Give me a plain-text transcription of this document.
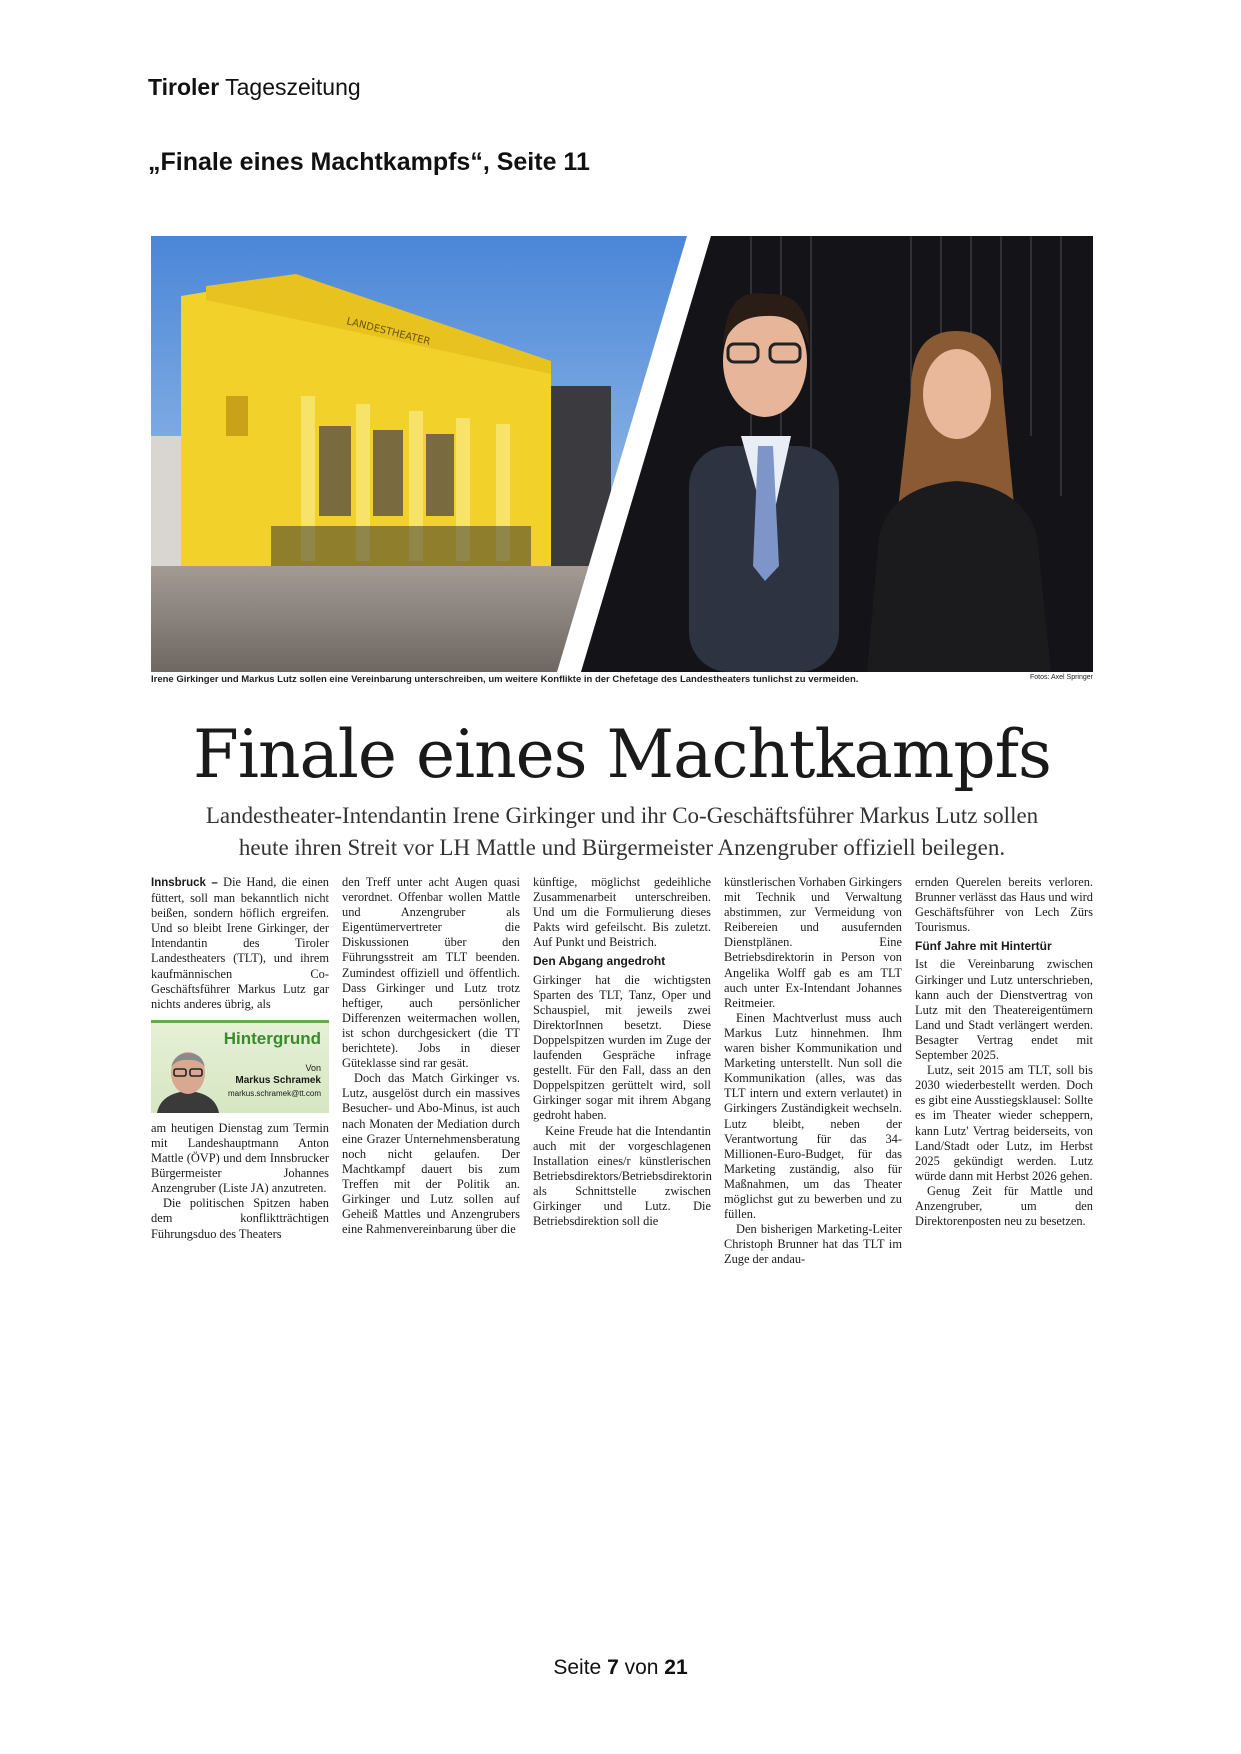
Tiroler Tageszeitung
„Finale eines Machtkampfs“, Seite 11
LANDESTHEATER
Irene Girkinger und Markus Lutz sollen eine Vereinbarung unterschreiben, um weitere Konflikte in der Chefetage des Landestheaters tunlichst zu vermeiden.	Fotos: Axel Springer
Finale eines Machtkampfs
Landestheater-Intendantin Irene Girkinger und ihr Co-Geschäftsführer Markus Lutz sollen
heute ihren Streit vor LH Mattle und Bürgermeister Anzengruber offiziell beilegen.

Innsbruck – Die Hand, die einen füttert, soll man bekanntlich nicht beißen, sondern höflich ergreifen. Und so bleibt Irene Girkinger, der Intendantin des Tiroler Landestheaters (TLT), und ihrem kaufmännischen Co-Geschäftsführer Markus Lutz gar nichts anderes übrig, als

Hintergrund
Von
Markus Schramek
markus.schramek@tt.com

am heutigen Dienstag zum Termin mit Landeshauptmann Anton Mattle (ÖVP) und dem Innsbrucker Bürgermeister Johannes Anzengruber (Liste JA) anzutreten.

Die politischen Spitzen haben dem konfliktträchtigen Führungsduo des Theaters

den Treff unter acht Augen quasi verordnet. Offenbar wollen Mattle und Anzengruber als Eigentümervertreter die Diskussionen über den Führungsstreit am TLT beenden. Zumindest offiziell und öffentlich. Dass Girkinger und Lutz trotz heftiger, auch persönlicher Differenzen weitermachen wollen, ist schon durchgesickert (die TT berichtete). Jobs in dieser Güteklasse sind rar gesät.

Doch das Match Girkinger vs. Lutz, ausgelöst durch ein massives Besucher- und Abo-Minus, ist auch nach Monaten der Mediation durch eine Grazer Unternehmensberatung noch nicht gelaufen. Der Machtkampf dauert bis zum Treffen mit der Politik an. Girkinger und Lutz sollen auf Geheiß Mattles und Anzengrubers eine Rahmenvereinbarung über die

künftige, möglichst gedeihliche Zusammenarbeit unterschreiben. Und um die Formulierung dieses Pakts wird gefeilscht. Bis zuletzt. Auf Punkt und Beistrich.

Den Abgang angedroht

Girkinger hat die wichtigsten Sparten des TLT, Tanz, Oper und Schauspiel, mit jeweils zwei DirektorInnen besetzt. Diese Doppelspitzen wurden im Zuge der laufenden Gespräche infrage gestellt. Für den Fall, dass an den Doppelspitzen gerüttelt wird, soll Girkinger sogar mit ihrem Abgang gedroht haben.

Keine Freude hat die Intendantin auch mit der vorgeschlagenen Installation eines/r künstlerischen Betriebsdirektors/Betriebsdirektorin als Schnittstelle zwischen Girkinger und Lutz. Die Betriebsdirektion soll die

künstlerischen Vorhaben Girkingers mit Technik und Verwaltung abstimmen, zur Vermeidung von Reibereien und ausufernden Dienstplänen. Eine Betriebsdirektorin in Person von Angelika Wolff gab es am TLT auch unter Ex-Intendant Johannes Reitmeier.

Einen Machtverlust muss auch Markus Lutz hinnehmen. Ihm waren bisher Kommunikation und Marketing unterstellt. Nun soll die Kommunikation (alles, was das TLT intern und extern verlautet) in Girkingers Zuständigkeit wechseln. Lutz bleibt, neben der Verantwortung für das 34-Millionen-Euro-Budget, für das Marketing zuständig, also für Maßnahmen, um das Theater möglichst gut zu bewerben und zu füllen.

Den bisherigen Marketing-Leiter Christoph Brunner hat das TLT im Zuge der andau-

ernden Querelen bereits verloren. Brunner verlässt das Haus und wird Geschäftsführer von Lech Zürs Tourismus.

Fünf Jahre mit Hintertür

Ist die Vereinbarung zwischen Girkinger und Lutz unterschrieben, kann auch der Dienstvertrag von Lutz mit den Theatereigentümern Land und Stadt verlängert werden. Besagter Vertrag endet mit September 2025.

Lutz, seit 2015 am TLT, soll bis 2030 wiederbestellt werden. Doch es gibt eine Ausstiegsklausel: Sollte es im Theater wieder scheppern, kann Lutz' Vertrag beiderseits, von Land/Stadt oder Lutz, im Herbst 2025 gekündigt werden. Lutz würde dann mit Herbst 2026 gehen.

Genug Zeit für Mattle und Anzengruber, um den Direktorenposten neu zu besetzen.

Seite 7 von 21
